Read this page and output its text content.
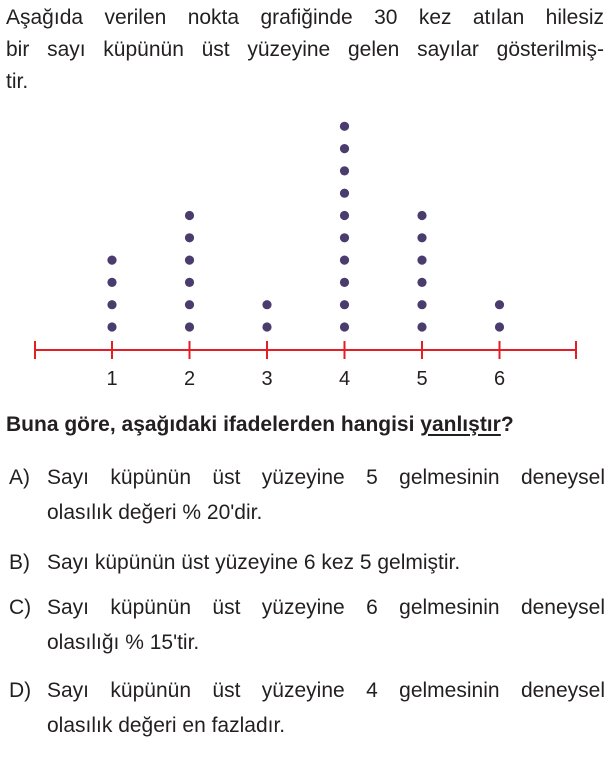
Aşağıda verilen nokta grafiğinde 30 kez atılan hilesiz
bir sayı küpünün üst yüzeyine gelen sayılar gösterilmiş-
tir.

1	2	3	4	5	6

Buna göre, aşağıdaki ifadelerden hangisi yanlıştır?

A) Sayı küpünün üst yüzeyine 5 gelmesinin deneysel
olasılık değeri % 20'dir.
B) Sayı küpünün üst yüzeyine 6 kez 5 gelmiştir.
C) Sayı küpünün üst yüzeyine 6 gelmesinin deneysel
olasılığı % 15'tir.
D) Sayı küpünün üst yüzeyine 4 gelmesinin deneysel
olasılık değeri en fazladır.
